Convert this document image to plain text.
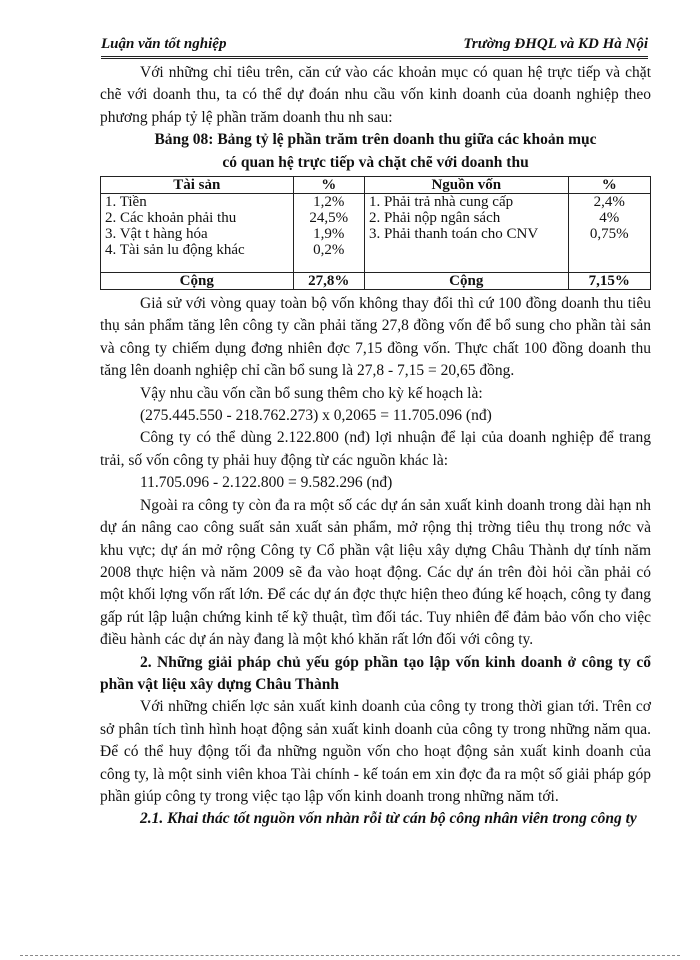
Luận văn tốt nghiệp	Trường ĐHQL và KD Hà Nội

Với những chỉ tiêu trên, căn cứ vào các khoản mục có quan hệ trực tiếp và chặt chẽ với doanh thu, ta có thể dự đoán nhu cầu vốn kinh doanh của doanh nghiệp theo phương pháp tỷ lệ phần trăm doanh thu nh sau:

Bảng 08: Bảng tỷ lệ phần trăm trên doanh thu giữa các khoản mục

có quan hệ trực tiếp và chặt chẽ với doanh thu

Tài sản	%	Nguồn vốn	%
1. Tiền	1,2%	1. Phải trả nhà cung cấp	2,4%
2. Các khoản phải thu	24,5%	2. Phải nộp ngân sách	4%
3. Vật t hàng hóa	1,9%	3. Phải thanh toán cho CNV	0,75%
4. Tài sản lu động khác	0,2%		

Cộng	27,8%	Cộng	7,15%

Giả sử với vòng quay toàn bộ vốn không thay đổi thì cứ 100 đồng doanh thu tiêu thụ sản phẩm tăng lên công ty cần phải tăng 27,8 đồng vốn để bổ sung cho phần tài sản và công ty chiếm dụng đơng nhiên đợc 7,15 đồng vốn. Thực chất 100 đồng doanh thu tăng lên doanh nghiệp chỉ cần bổ sung là 27,8 - 7,15 = 20,65 đồng.

Vậy nhu cầu vốn cần bổ sung thêm cho kỳ kế hoạch là:

(275.445.550 - 218.762.273) x 0,2065 = 11.705.096 (nđ)

Công ty có thể dùng 2.122.800 (nđ) lợi nhuận để lại của doanh nghiệp để trang trải, số vốn công ty phải huy động từ các nguồn khác là:

11.705.096 - 2.122.800 = 9.582.296 (nđ)

Ngoài ra công ty còn đa ra một số các dự án sản xuất kinh doanh trong dài hạn nh dự án nâng cao công suất sản xuất sản phẩm, mở rộng thị trờng tiêu thụ trong nớc và khu vực; dự án mở rộng Công ty Cổ phần vật liệu xây dựng Châu Thành dự tính năm 2008 thực hiện và năm 2009 sẽ đa vào hoạt động. Các dự án trên đòi hỏi cần phải có một khối lợng vốn rất lớn. Để các dự án đợc thực hiện theo đúng kế hoạch, công ty đang gấp rút lập luận chứng kinh tế kỹ thuật, tìm đối tác. Tuy nhiên để đảm bảo vốn cho việc điều hành các dự án này đang là một khó khăn rất lớn đối với công ty.

2. Những giải pháp chủ yếu góp phần tạo lập vốn kinh doanh ở công ty cổ phần vật liệu xây dựng Châu Thành

Với những chiến lợc sản xuất kinh doanh của công ty trong thời gian tới. Trên cơ sở phân tích tình hình hoạt động sản xuất kinh doanh của công ty trong những năm qua. Để có thể huy động tối đa những nguồn vốn cho hoạt động sản xuất kinh doanh của công ty, là một sinh viên khoa Tài chính - kế toán em xin đợc đa ra một số giải pháp góp phần giúp công ty trong việc tạo lập vốn kinh doanh trong những năm tới.

2.1. Khai thác tốt nguồn vốn nhàn rỗi từ cán bộ công nhân viên trong công ty
